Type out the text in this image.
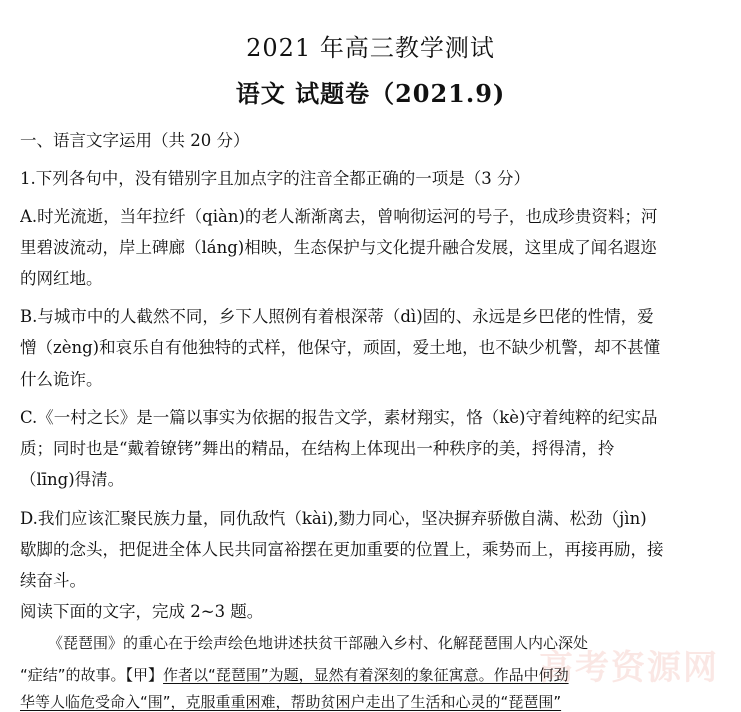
2021 年高三教学测试
语文 试题卷（2021.9)
一、语言文字运用（共 20 分）
1.下列各句中，没有错别字且加点字的注音全都正确的一项是（3 分）
A.时光流逝，当年拉纤（qiàn)的老人渐渐离去，曾响彻运河的号子，也成珍贵资料；河
里碧波流动，岸上碑廊（láng)相映，生态保护与文化提升融合发展，这里成了闻名遐迩
的网红地。
B.与城市中的人截然不同，乡下人照例有着根深蒂（dì)固的、永远是乡巴佬的性情，爱
憎（zèng)和哀乐自有他独特的式样，他保守，顽固，爱土地，也不缺少机警，却不甚懂
什么诡诈。
C.《一村之长》是一篇以事实为依据的报告文学，素材翔实，恪（kè)守着纯粹的纪实品
质；同时也是“戴着镣铐”舞出的精品，在结构上体现出一种秩序的美，捋得清，拎
（līng)得清。
D.我们应该汇聚民族力量，同仇敌忾（kài),勠力同心，坚决摒弃骄傲自满、松劲（jìn)
歇脚的念头，把促进全体人民共同富裕摆在更加重要的位置上，乘势而上，再接再励，接
续奋斗。
阅读下面的文字，完成 2~3 题。
《琵琶围》的重心在于绘声绘色地讲述扶贫干部融入乡村、化解琵琶围人内心深处
“症结”的故事。【甲】作者以“琵琶围”为题，显然有着深刻的象征寓意。作品中何劲
华等人临危受命入“围”，克服重重困难，帮助贫困户走出了生活和心灵的“琵琶围”
高考资源网
